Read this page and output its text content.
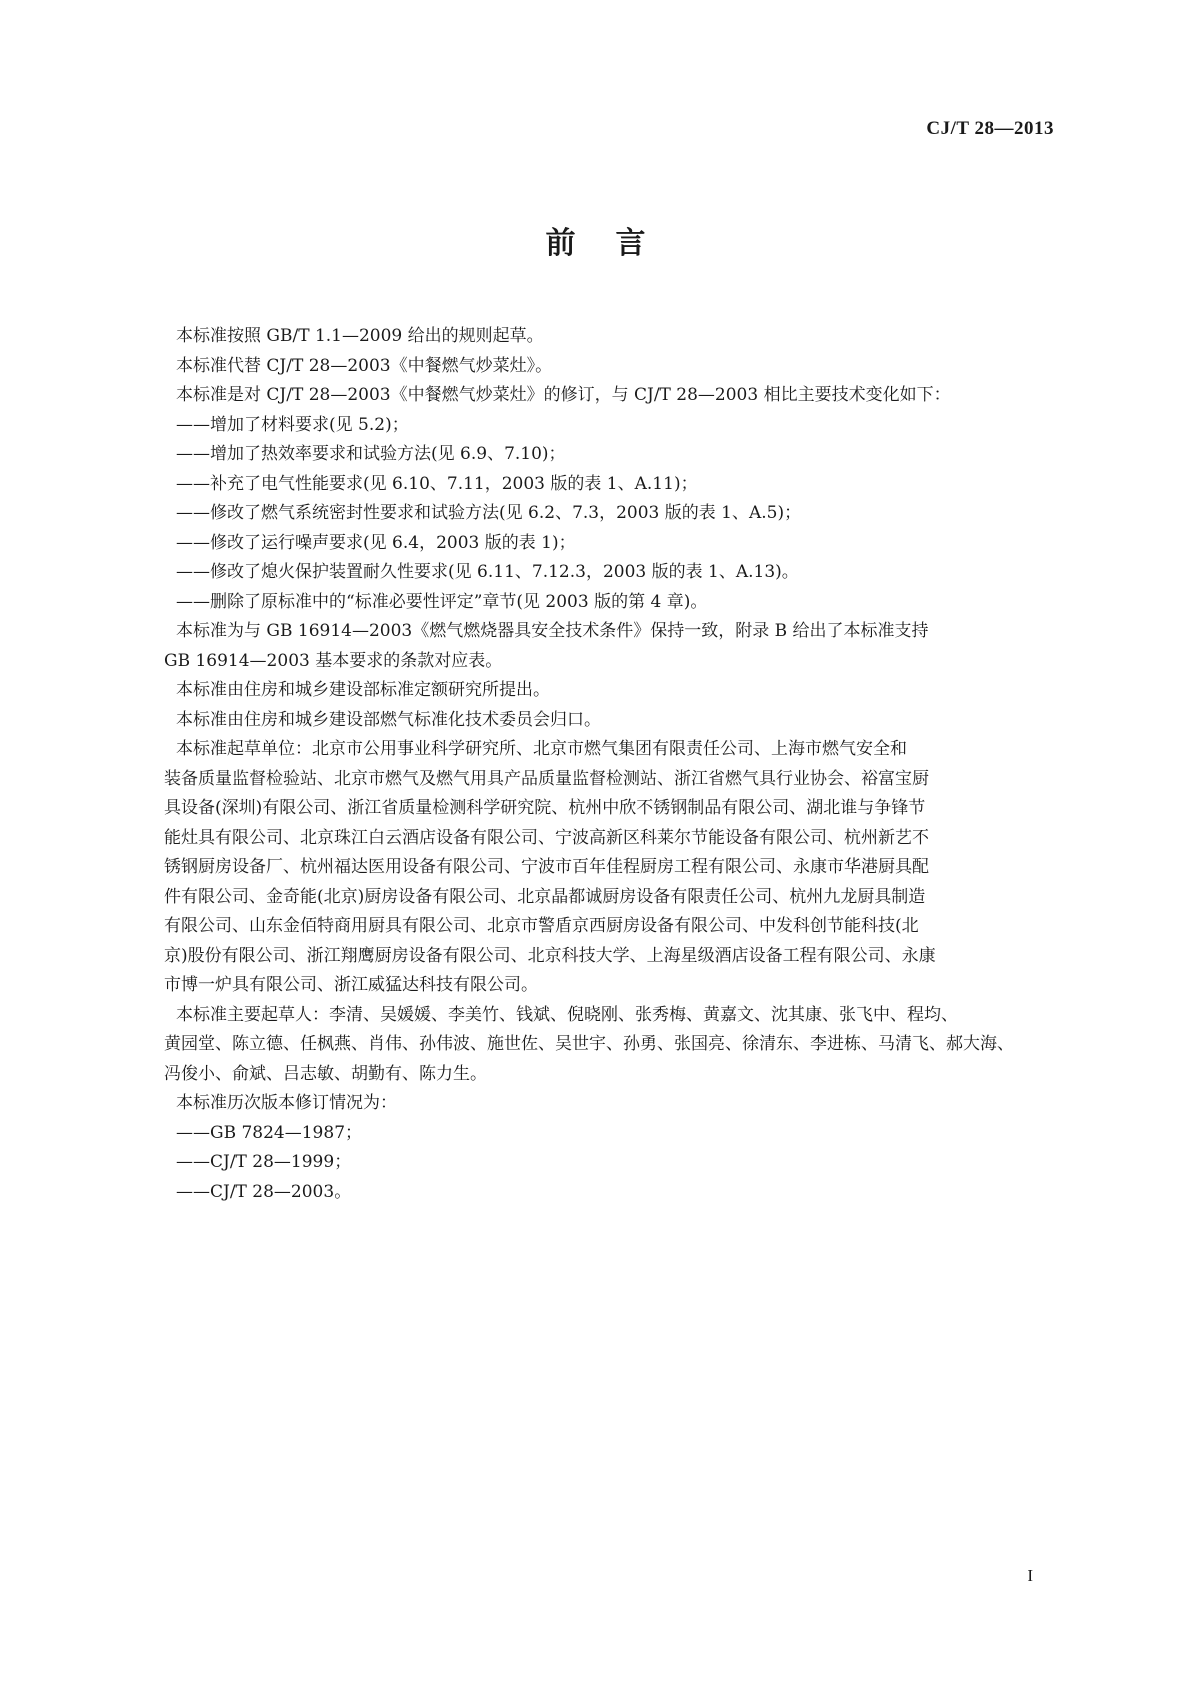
CJ/T 28—2013
前言

本标准按照 GB/T 1.1—2009 给出的规则起草。

本标准代替 CJ/T 28—2003《中餐燃气炒菜灶》。

本标准是对 CJ/T 28—2003《中餐燃气炒菜灶》的修订，与 CJ/T 28—2003 相比主要技术变化如下：

——增加了材料要求(见 5.2)；

——增加了热效率要求和试验方法(见 6.9、7.10)；

——补充了电气性能要求(见 6.10、7.11，2003 版的表 1、A.11)；

——修改了燃气系统密封性要求和试验方法(见 6.2、7.3，2003 版的表 1、A.5)；

——修改了运行噪声要求(见 6.4，2003 版的表 1)；

——修改了熄火保护装置耐久性要求(见 6.11、7.12.3，2003 版的表 1、A.13)。

——删除了原标准中的“标准必要性评定”章节(见 2003 版的第 4 章)。

本标准为与 GB 16914—2003《燃气燃烧器具安全技术条件》保持一致，附录 B 给出了本标准支持

GB 16914—2003 基本要求的条款对应表。

本标准由住房和城乡建设部标准定额研究所提出。

本标准由住房和城乡建设部燃气标准化技术委员会归口。

本标准起草单位：北京市公用事业科学研究所、北京市燃气集团有限责任公司、上海市燃气安全和

装备质量监督检验站、北京市燃气及燃气用具产品质量监督检测站、浙江省燃气具行业协会、裕富宝厨

具设备(深圳)有限公司、浙江省质量检测科学研究院、杭州中欣不锈钢制品有限公司、湖北谁与争锋节

能灶具有限公司、北京珠江白云酒店设备有限公司、宁波高新区科莱尔节能设备有限公司、杭州新艺不

锈钢厨房设备厂、杭州福达医用设备有限公司、宁波市百年佳程厨房工程有限公司、永康市华港厨具配

件有限公司、金奇能(北京)厨房设备有限公司、北京晶都诚厨房设备有限责任公司、杭州九龙厨具制造

有限公司、山东金佰特商用厨具有限公司、北京市警盾京西厨房设备有限公司、中发科创节能科技(北

京)股份有限公司、浙江翔鹰厨房设备有限公司、北京科技大学、上海星级酒店设备工程有限公司、永康

市博一炉具有限公司、浙江威猛达科技有限公司。

本标准主要起草人：李清、吴媛媛、李美竹、钱斌、倪晓刚、张秀梅、黄嘉文、沈其康、张飞中、程均、

黄园堂、陈立德、任枫燕、肖伟、孙伟波、施世佐、吴世宇、孙勇、张国亮、徐清东、李进栋、马清飞、郝大海、

冯俊小、俞斌、吕志敏、胡勤有、陈力生。

本标准历次版本修订情况为：

——GB 7824—1987；

——CJ/T 28—1999；

——CJ/T 28—2003。

I
